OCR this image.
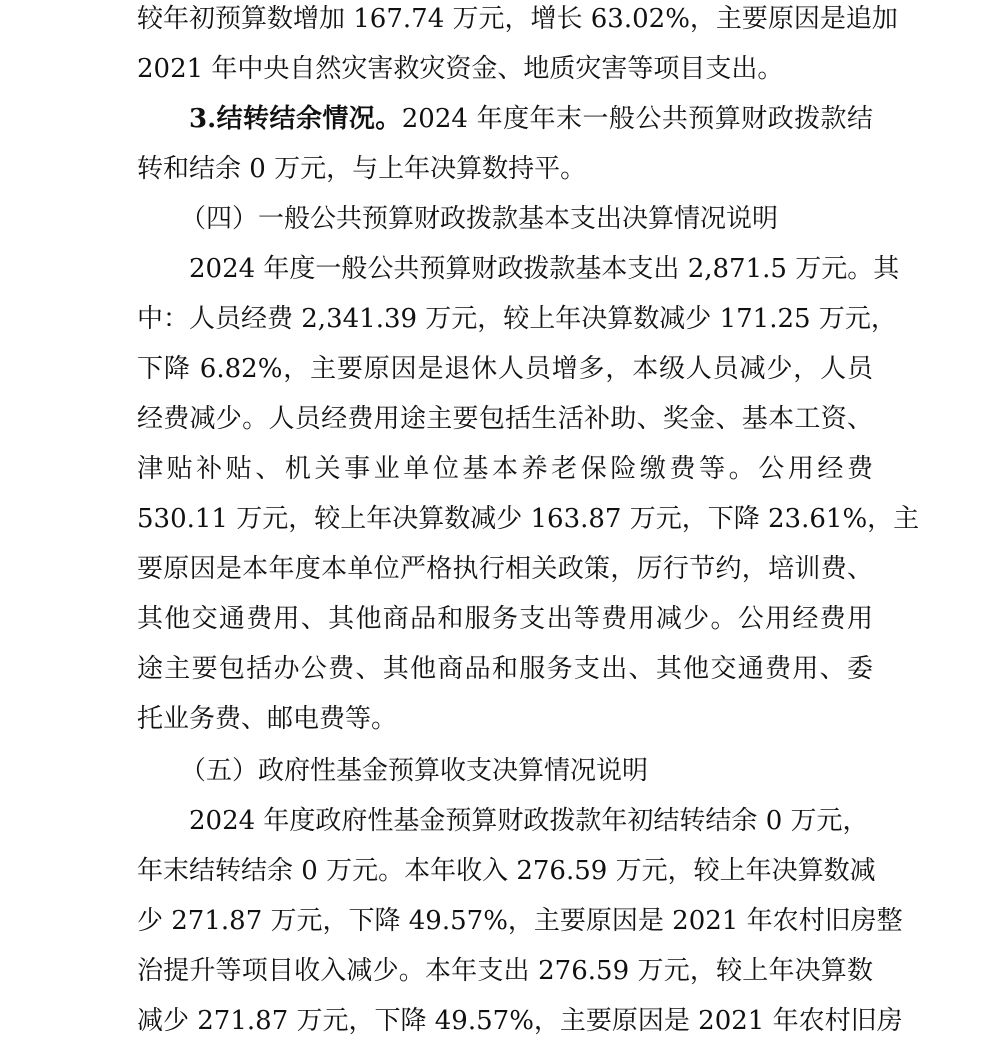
较年初预算数增加 167.74 万元，增长 63.02%，主要原因是追加
2021 年中央自然灾害救灾资金、地质灾害等项目支出。
3.结转结余情况。2024 年度年末一般公共预算财政拨款结
转和结余 0 万元，与上年决算数持平。
（四）一般公共预算财政拨款基本支出决算情况说明
2024 年度一般公共预算财政拨款基本支出 2,871.5 万元。其
中：人员经费 2,341.39 万元，较上年决算数减少 171.25 万元，
下降 6.82%，主要原因是退休人员增多，本级人员减少，人员
经费减少。人员经费用途主要包括生活补助、奖金、基本工资、
津贴补贴、机关事业单位基本养老保险缴费等。公用经费
530.11 万元，较上年决算数减少 163.87 万元，下降 23.61%，主
要原因是本年度本单位严格执行相关政策，厉行节约，培训费、
其他交通费用、其他商品和服务支出等费用减少。公用经费用
途主要包括办公费、其他商品和服务支出、其他交通费用、委
托业务费、邮电费等。
（五）政府性基金预算收支决算情况说明
2024 年度政府性基金预算财政拨款年初结转结余 0 万元，
年末结转结余 0 万元。本年收入 276.59 万元，较上年决算数减
少 271.87 万元，下降 49.57%，主要原因是 2021 年农村旧房整
治提升等项目收入减少。本年支出 276.59 万元，较上年决算数
减少 271.87 万元，下降 49.57%，主要原因是 2021 年农村旧房
